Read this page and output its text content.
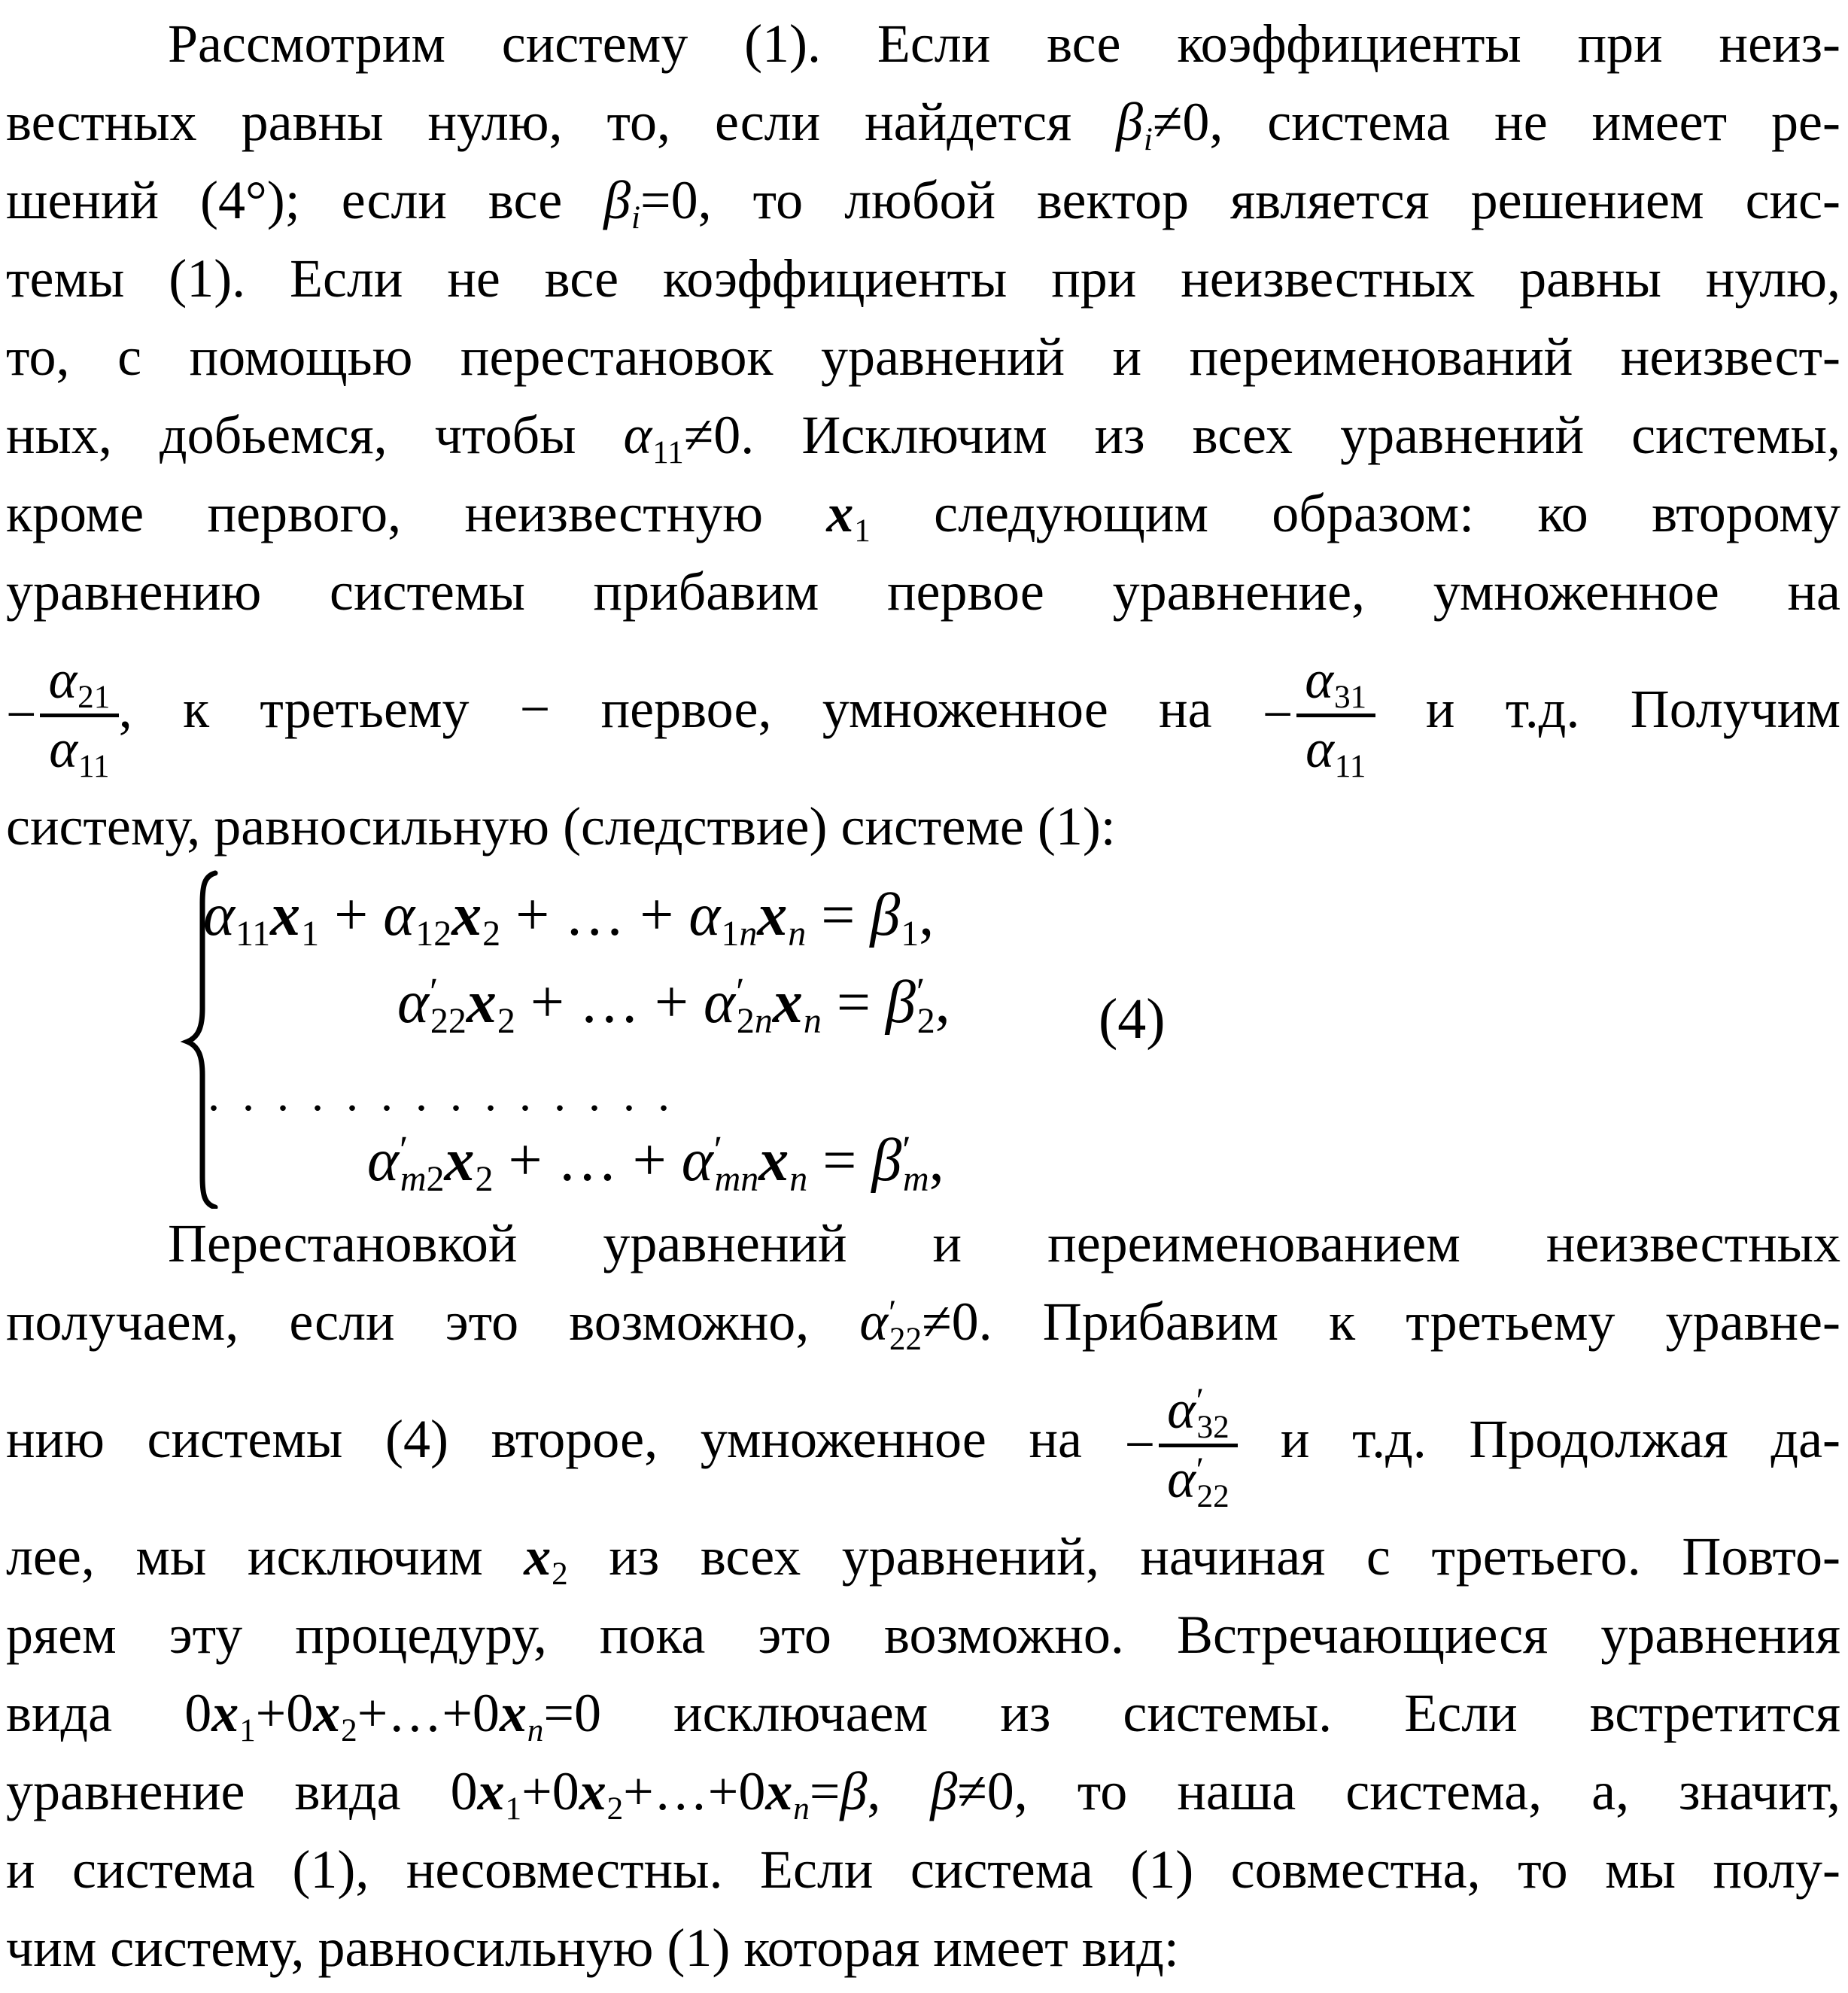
Рассмотрим систему (1). Если все коэффициенты при неиз-
вестных равны нулю, то, если найдется βi≠0, система не имеет ре-
шений (4°); если все βi=0, то любой вектор является решением сис-
темы (1). Если не все коэффициенты при неизвестных равны нулю,
то, с помощью перестановок уравнений и переименований неизвест-
ных, добьемся, чтобы α11≠0. Исключим из всех уравнений системы,
кроме первого, неизвестную x1 следующим образом: ко второму
уравнению системы прибавим первое уравнение, умноженное на
− $\frac{\alpha 21}{\alpha 11}$ , к третьему − первое, умноженное на − $\frac{\alpha 31}{\alpha 11}$ и т.д. Получим
систему, равносильную (следствие) системе (1):
α11x1 + α12x2 + … + α1nxn = β1,
α′22x2 + … + α′2nxn = β′2,
..............
α′m2x2 + … + α′mnxn = β′m,
(4)
Перестановкой уравнений и переименованием неизвестных
получаем, если это возможно, α′22≠0. Прибавим к третьему уравне-
нию системы (4) второе, умноженное на − $\frac{\alpha'32}{\alpha'22}$ и т.д. Продолжая да-
лее, мы исключим x2 из всех уравнений, начиная с третьего. Повто-
ряем эту процедуру, пока это возможно. Встречающиеся уравнения
вида 0x1+0x2+…+0xn=0 исключаем из системы. Если встретится
уравнение вида 0x1+0x2+…+0xn=β, β≠0, то наша система, а, значит,
и система (1), несовместны. Если система (1) совместна, то мы полу-
чим систему, равносильную (1) которая имеет вид:
